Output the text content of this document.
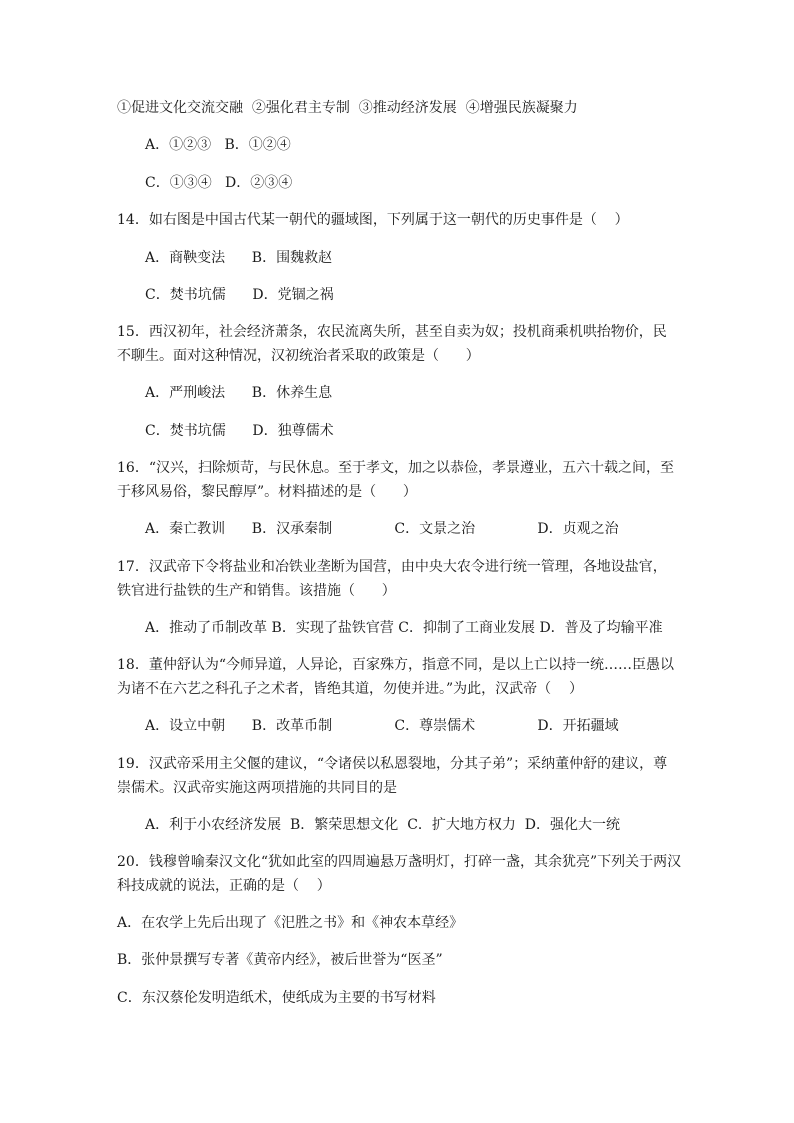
①促进文化交流交融  ②强化君主专制  ③推动经济发展  ④增强民族凝聚力
A．①②③   B．①②④
C．①③④   D．②③④
14．如右图是中国古代某一朝代的疆域图，下列属于这一朝代的历史事件是（    ）
A．商鞅变法      B．围魏救赵
C．焚书坑儒      D．党锢之祸
15．西汉初年，社会经济萧条，农民流离失所，甚至自卖为奴；投机商乘机哄抬物价，民
不聊生。面对这种情况，汉初统治者采取的政策是（      ）
A．严刑峻法      B．休养生息
C．焚书坑儒      D．独尊儒术
16．“汉兴，扫除烦苛，与民休息。至于孝文，加之以恭俭，孝景遵业，五六十载之间，至
于移风易俗，黎民醇厚”。材料描述的是（      ）
A．秦亡教训      B．汉承秦制              C．文景之治              D．贞观之治
17．汉武帝下令将盐业和冶铁业垄断为国营，由中央大农令进行统一管理，各地设盐官，
铁官进行盐铁的生产和销售。该措施（      ）
A．推动了币制改革 B．实现了盐铁官营 C．抑制了工商业发展 D．普及了均输平准
18．董仲舒认为“今师异道，人异论，百家殊方，指意不同，是以上亡以持一统……臣愚以
为诸不在六艺之科孔子之术者，皆绝其道，勿使并进。”为此，汉武帝（    ）
A．设立中朝      B．改革币制              C．尊崇儒术              D．开拓疆域
19．汉武帝采用主父偃的建议，“令诸侯以私恩裂地，分其子弟”；采纳董仲舒的建议，尊
崇儒术。汉武帝实施这两项措施的共同目的是
A．利于小农经济发展  B．繁荣思想文化  C．扩大地方权力  D．强化大一统
20．钱穆曾喻秦汉文化“犹如此室的四周遍悬万盏明灯，打碎一盏，其余犹亮”下列关于两汉
科技成就的说法，正确的是（    ）
A．在农学上先后出现了《汜胜之书》和《神农本草经》
B．张仲景撰写专著《黄帝内经》，被后世誉为“医圣”
C．东汉蔡伦发明造纸术，使纸成为主要的书写材料
